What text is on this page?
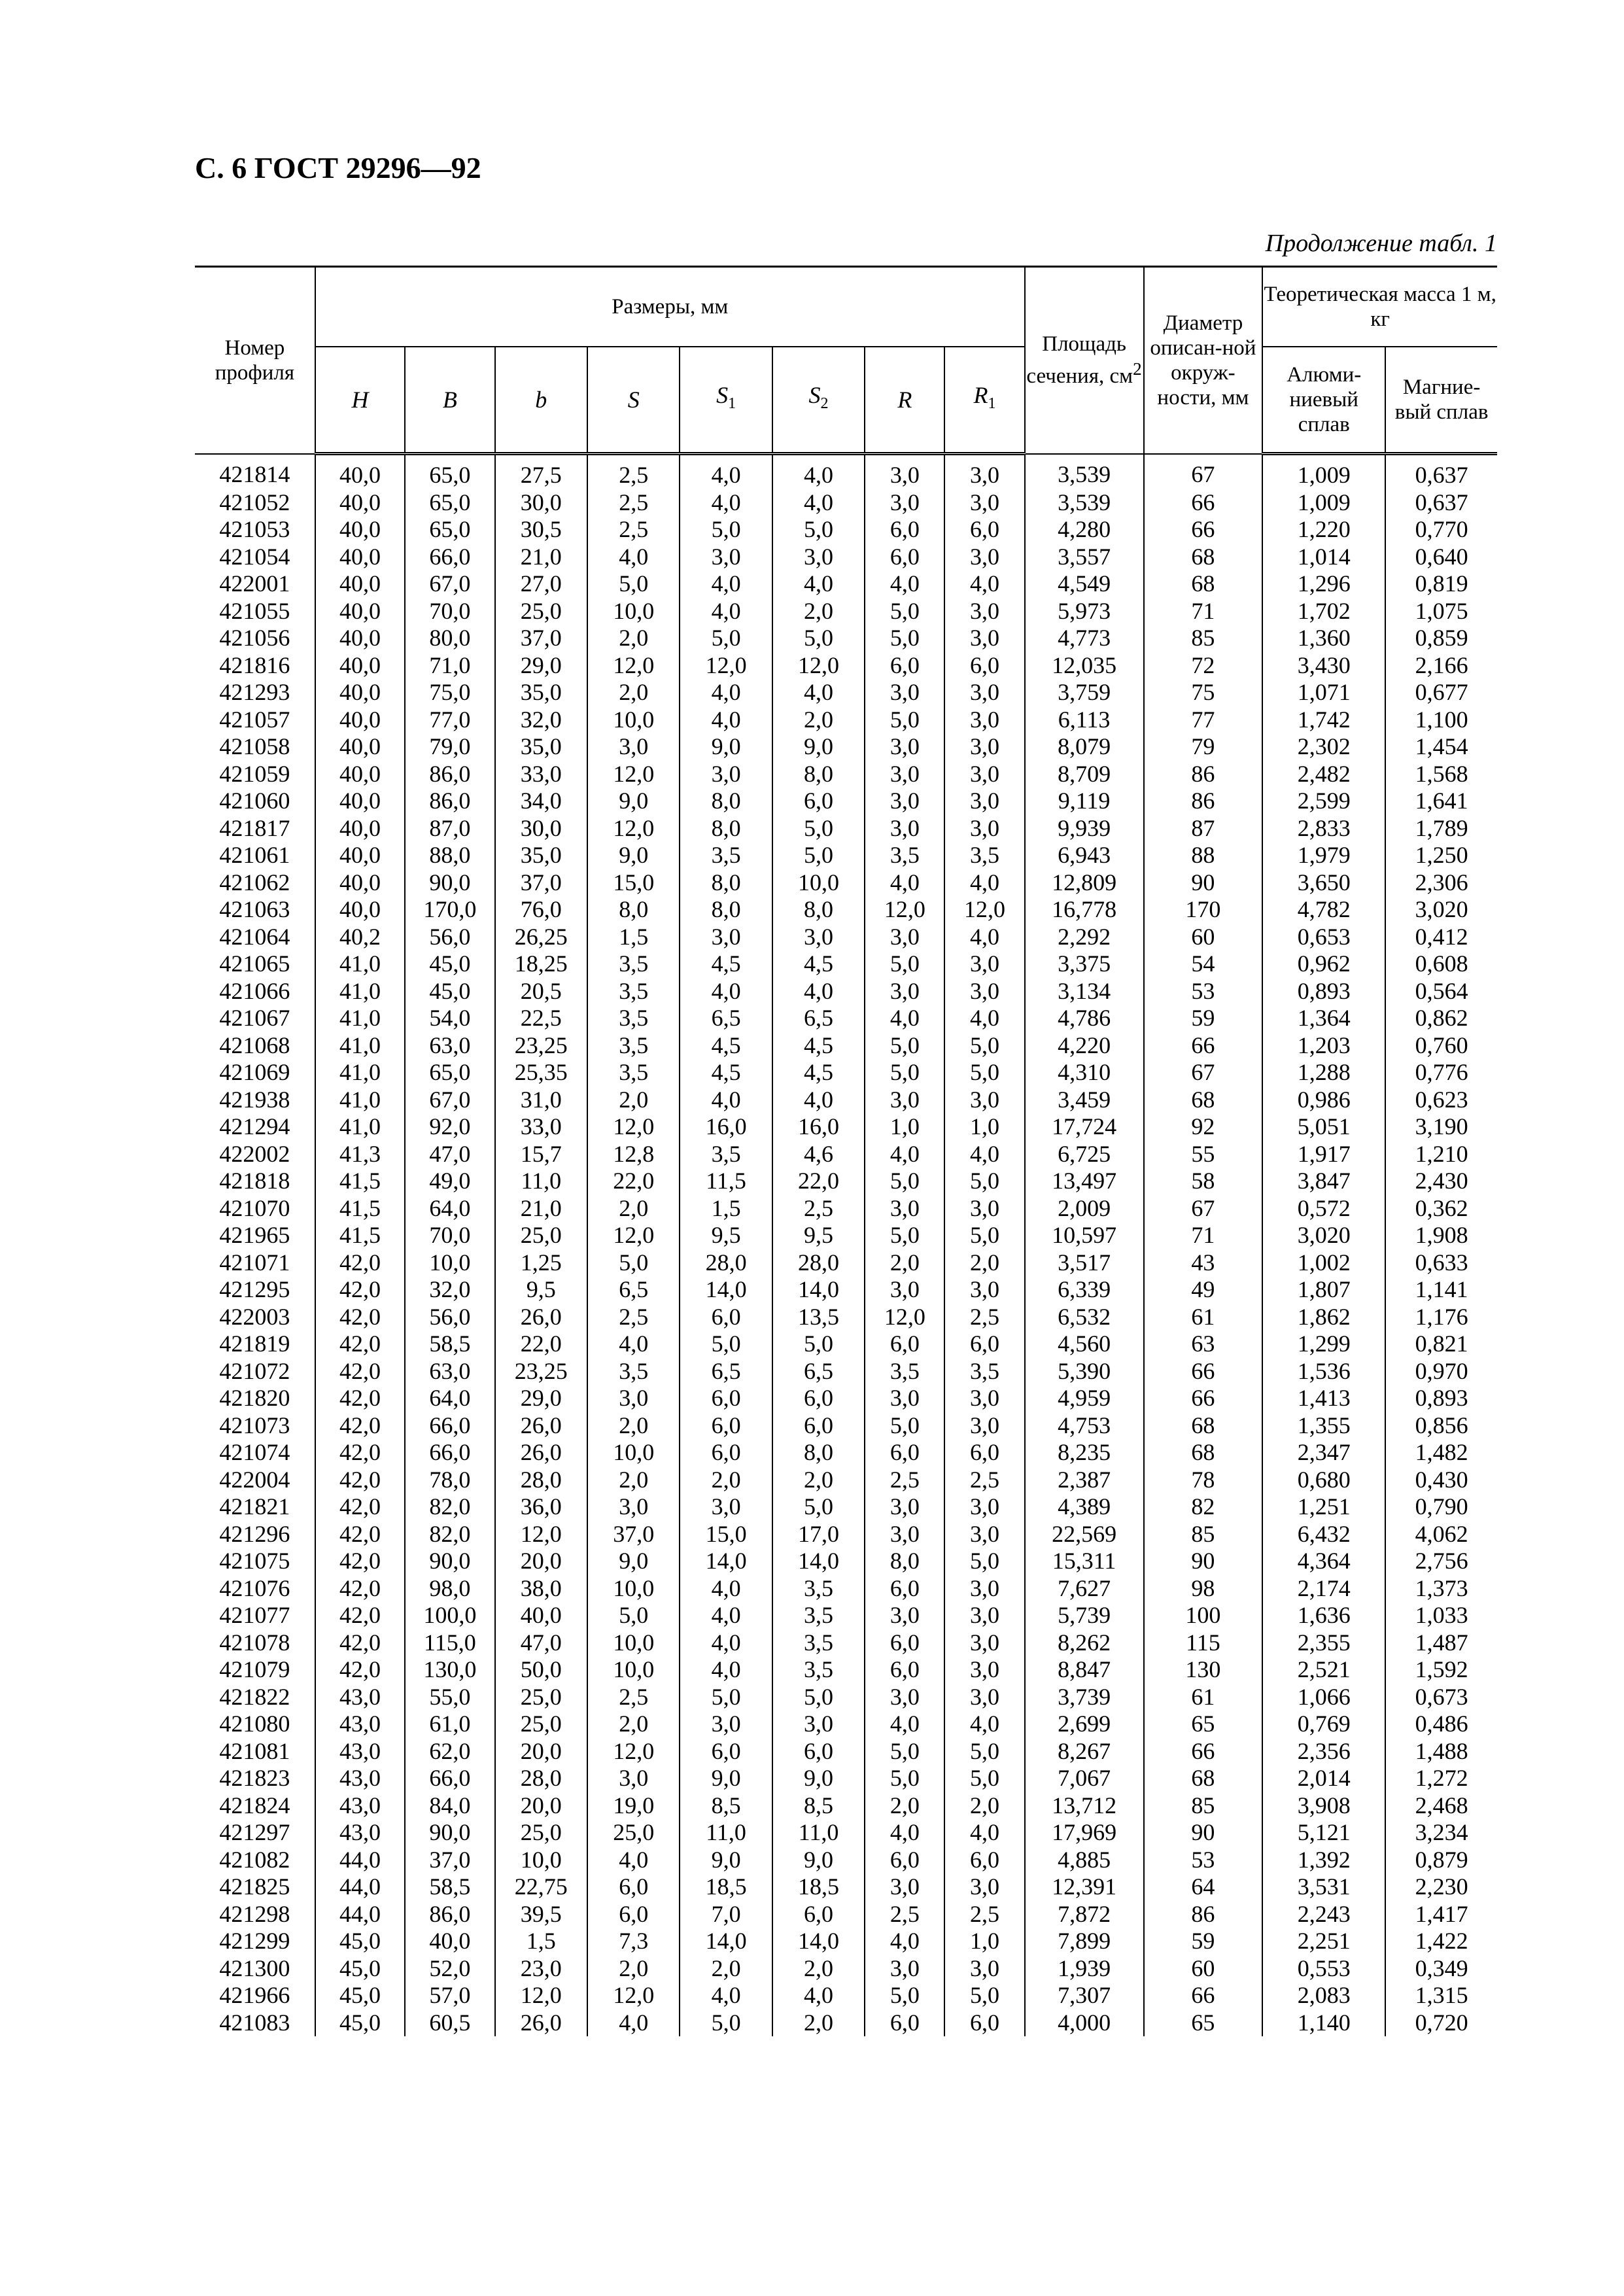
С. 6 ГОСТ 29296—92
Продолжение табл. 1
Номер профиля	Размеры, мм								Площадь сечения, $см^2$	Диаметр описан-ной окруж-ности, мм	Теоретическая масса 1 м, кг	
	H	B	b	S	$S_1$	$S_2$	R	$R_1$			Алюми-ниевый сплав	Магние-вый сплав
421814	40,0	65,0	27,5	2,5	4,0	4,0	3,0	3,0	3,539	67	1,009	0,637
421052	40,0	65,0	30,0	2,5	4,0	4,0	3,0	3,0	3,539	66	1,009	0,637
421053	40,0	65,0	30,5	2,5	5,0	5,0	6,0	6,0	4,280	66	1,220	0,770
421054	40,0	66,0	21,0	4,0	3,0	3,0	6,0	3,0	3,557	68	1,014	0,640
422001	40,0	67,0	27,0	5,0	4,0	4,0	4,0	4,0	4,549	68	1,296	0,819
421055	40,0	70,0	25,0	10,0	4,0	2,0	5,0	3,0	5,973	71	1,702	1,075
421056	40,0	80,0	37,0	2,0	5,0	5,0	5,0	3,0	4,773	85	1,360	0,859
421816	40,0	71,0	29,0	12,0	12,0	12,0	6,0	6,0	12,035	72	3,430	2,166
421293	40,0	75,0	35,0	2,0	4,0	4,0	3,0	3,0	3,759	75	1,071	0,677
421057	40,0	77,0	32,0	10,0	4,0	2,0	5,0	3,0	6,113	77	1,742	1,100
421058	40,0	79,0	35,0	3,0	9,0	9,0	3,0	3,0	8,079	79	2,302	1,454
421059	40,0	86,0	33,0	12,0	3,0	8,0	3,0	3,0	8,709	86	2,482	1,568
421060	40,0	86,0	34,0	9,0	8,0	6,0	3,0	3,0	9,119	86	2,599	1,641
421817	40,0	87,0	30,0	12,0	8,0	5,0	3,0	3,0	9,939	87	2,833	1,789
421061	40,0	88,0	35,0	9,0	3,5	5,0	3,5	3,5	6,943	88	1,979	1,250
421062	40,0	90,0	37,0	15,0	8,0	10,0	4,0	4,0	12,809	90	3,650	2,306
421063	40,0	170,0	76,0	8,0	8,0	8,0	12,0	12,0	16,778	170	4,782	3,020
421064	40,2	56,0	26,25	1,5	3,0	3,0	3,0	4,0	2,292	60	0,653	0,412
421065	41,0	45,0	18,25	3,5	4,5	4,5	5,0	3,0	3,375	54	0,962	0,608
421066	41,0	45,0	20,5	3,5	4,0	4,0	3,0	3,0	3,134	53	0,893	0,564
421067	41,0	54,0	22,5	3,5	6,5	6,5	4,0	4,0	4,786	59	1,364	0,862
421068	41,0	63,0	23,25	3,5	4,5	4,5	5,0	5,0	4,220	66	1,203	0,760
421069	41,0	65,0	25,35	3,5	4,5	4,5	5,0	5,0	4,310	67	1,288	0,776
421938	41,0	67,0	31,0	2,0	4,0	4,0	3,0	3,0	3,459	68	0,986	0,623
421294	41,0	92,0	33,0	12,0	16,0	16,0	1,0	1,0	17,724	92	5,051	3,190
422002	41,3	47,0	15,7	12,8	3,5	4,6	4,0	4,0	6,725	55	1,917	1,210
421818	41,5	49,0	11,0	22,0	11,5	22,0	5,0	5,0	13,497	58	3,847	2,430
421070	41,5	64,0	21,0	2,0	1,5	2,5	3,0	3,0	2,009	67	0,572	0,362
421965	41,5	70,0	25,0	12,0	9,5	9,5	5,0	5,0	10,597	71	3,020	1,908
421071	42,0	10,0	1,25	5,0	28,0	28,0	2,0	2,0	3,517	43	1,002	0,633
421295	42,0	32,0	9,5	6,5	14,0	14,0	3,0	3,0	6,339	49	1,807	1,141
422003	42,0	56,0	26,0	2,5	6,0	13,5	12,0	2,5	6,532	61	1,862	1,176
421819	42,0	58,5	22,0	4,0	5,0	5,0	6,0	6,0	4,560	63	1,299	0,821
421072	42,0	63,0	23,25	3,5	6,5	6,5	3,5	3,5	5,390	66	1,536	0,970
421820	42,0	64,0	29,0	3,0	6,0	6,0	3,0	3,0	4,959	66	1,413	0,893
421073	42,0	66,0	26,0	2,0	6,0	6,0	5,0	3,0	4,753	68	1,355	0,856
421074	42,0	66,0	26,0	10,0	6,0	8,0	6,0	6,0	8,235	68	2,347	1,482
422004	42,0	78,0	28,0	2,0	2,0	2,0	2,5	2,5	2,387	78	0,680	0,430
421821	42,0	82,0	36,0	3,0	3,0	5,0	3,0	3,0	4,389	82	1,251	0,790
421296	42,0	82,0	12,0	37,0	15,0	17,0	3,0	3,0	22,569	85	6,432	4,062
421075	42,0	90,0	20,0	9,0	14,0	14,0	8,0	5,0	15,311	90	4,364	2,756
421076	42,0	98,0	38,0	10,0	4,0	3,5	6,0	3,0	7,627	98	2,174	1,373
421077	42,0	100,0	40,0	5,0	4,0	3,5	3,0	3,0	5,739	100	1,636	1,033
421078	42,0	115,0	47,0	10,0	4,0	3,5	6,0	3,0	8,262	115	2,355	1,487
421079	42,0	130,0	50,0	10,0	4,0	3,5	6,0	3,0	8,847	130	2,521	1,592
421822	43,0	55,0	25,0	2,5	5,0	5,0	3,0	3,0	3,739	61	1,066	0,673
421080	43,0	61,0	25,0	2,0	3,0	3,0	4,0	4,0	2,699	65	0,769	0,486
421081	43,0	62,0	20,0	12,0	6,0	6,0	5,0	5,0	8,267	66	2,356	1,488
421823	43,0	66,0	28,0	3,0	9,0	9,0	5,0	5,0	7,067	68	2,014	1,272
421824	43,0	84,0	20,0	19,0	8,5	8,5	2,0	2,0	13,712	85	3,908	2,468
421297	43,0	90,0	25,0	25,0	11,0	11,0	4,0	4,0	17,969	90	5,121	3,234
421082	44,0	37,0	10,0	4,0	9,0	9,0	6,0	6,0	4,885	53	1,392	0,879
421825	44,0	58,5	22,75	6,0	18,5	18,5	3,0	3,0	12,391	64	3,531	2,230
421298	44,0	86,0	39,5	6,0	7,0	6,0	2,5	2,5	7,872	86	2,243	1,417
421299	45,0	40,0	1,5	7,3	14,0	14,0	4,0	1,0	7,899	59	2,251	1,422
421300	45,0	52,0	23,0	2,0	2,0	2,0	3,0	3,0	1,939	60	0,553	0,349
421966	45,0	57,0	12,0	12,0	4,0	4,0	5,0	5,0	7,307	66	2,083	1,315
421083	45,0	60,5	26,0	4,0	5,0	2,0	6,0	6,0	4,000	65	1,140	0,720
